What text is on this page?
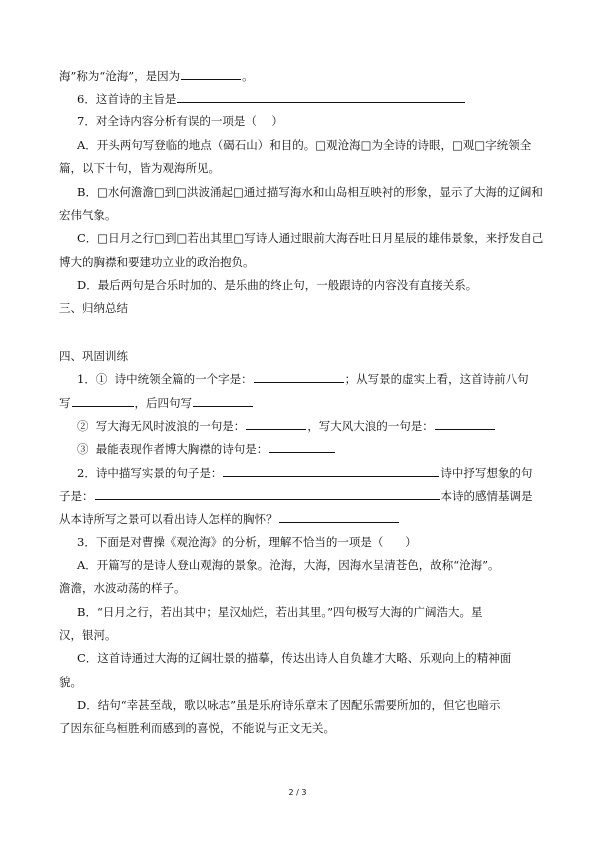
海”称为“沧海”，是因为	。
6．这首诗的主旨是
7．对全诗内容分析有误的一项是（    ）
A．开头两句写登临的地点（碣石山）和目的。□观沧海□为全诗的诗眼，□观□字统领全
篇，以下十句，皆为观海所见。
B．□水何澹澹□到□洪波涌起□通过描写海水和山岛相互映衬的形象，显示了大海的辽阔和
宏伟气象。
C．□日月之行□到□若出其里□写诗人通过眼前大海吞吐日月星辰的雄伟景象，来抒发自己
博大的胸襟和要建功立业的政治抱负。
D．最后两句是合乐时加的、是乐曲的终止句，一般跟诗的内容没有直接关系。
三、归纳总结
四、巩固训练
1．①  诗中统领全篇的一个字是：	；从写景的虚实上看，这首诗前八句
写	，后四句写
②  写大海无风时波浪的一句是：	，写大风大浪的一句是：
③  最能表现作者博大胸襟的诗句是：
2．诗中描写实景的句子是：	诗中抒写想象的句
子是：	本诗的感情基调是
从本诗所写之景可以看出诗人怎样的胸怀？
3．下面是对曹操《观沧海》的分析，理解不恰当的一项是（      ）
A．开篇写的是诗人登山观海的景象。沧海，大海，因海水呈清苍色，故称“沧海”。
澹澹，水波动荡的样子。
B．“日月之行，若出其中；星汉灿烂，若出其里。”四句极写大海的广阔浩大。星
汉，银河。
C．这首诗通过大海的辽阔壮景的描摹，传达出诗人自负雄才大略、乐观向上的精神面
貌。
D．结句“幸甚至哉，歌以咏志”虽是乐府诗乐章末了因配乐需要所加的，但它也暗示
了因东征乌桓胜利而感到的喜悦，不能说与正文无关。
2 / 3
